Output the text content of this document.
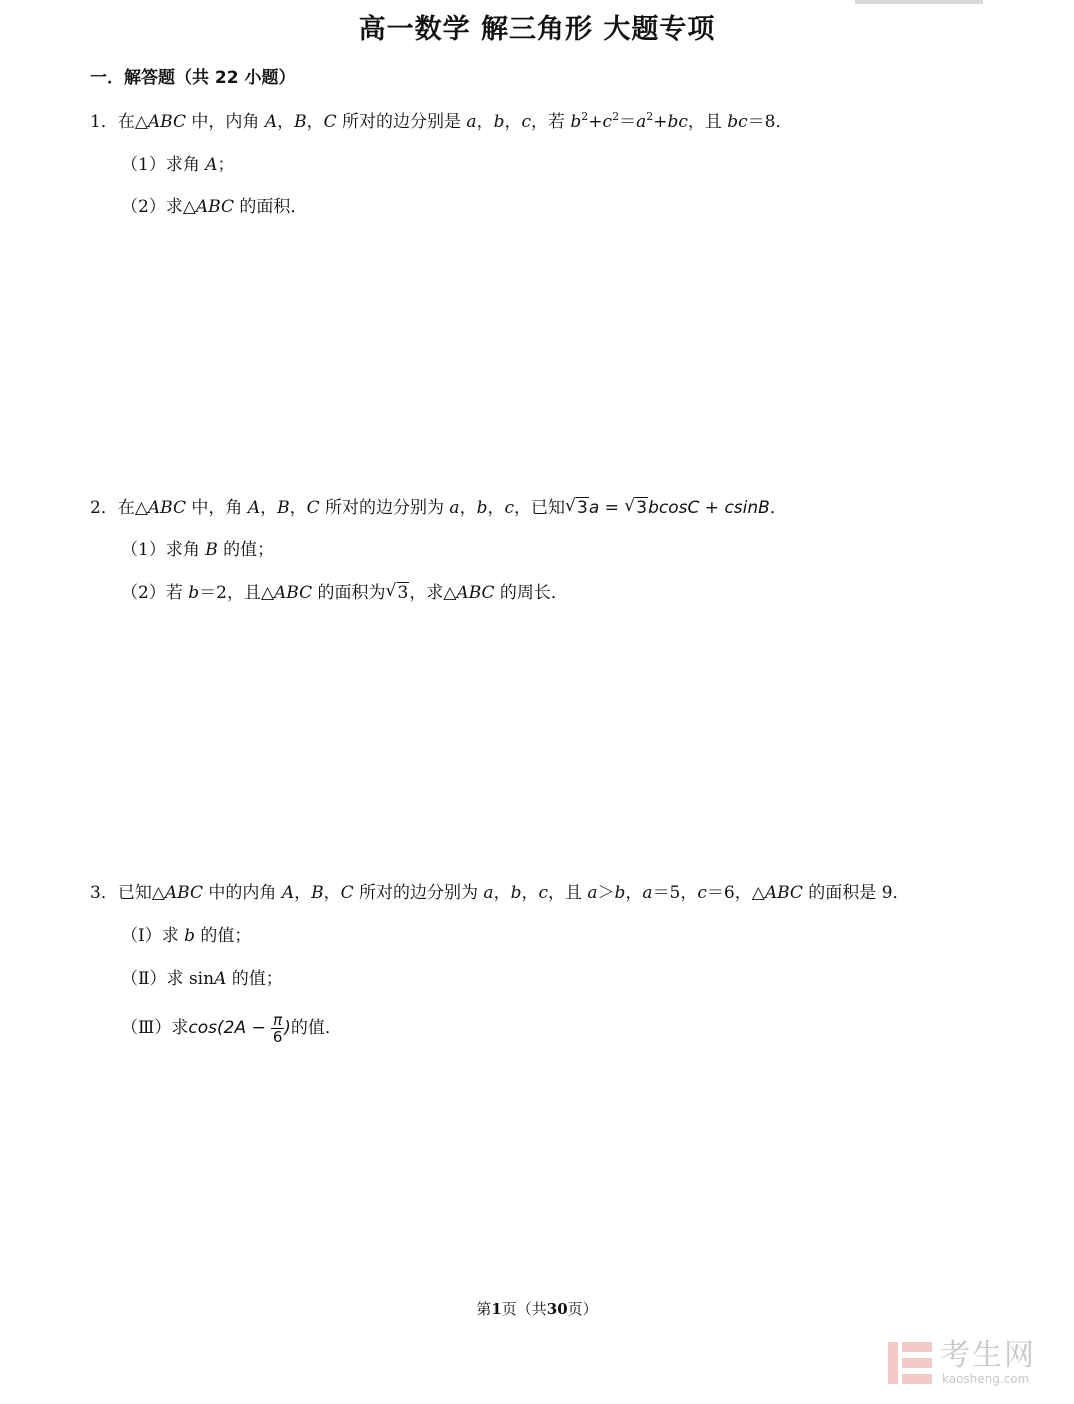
高一数学 解三角形 大题专项
一．解答题（共 22 小题）
1．在△ABC 中，内角 A，B，C 所对的边分别是 a，b，c，若 $b^2+c^2=a^2+bc$，且 bc＝8．
（1）求角 A；
（2）求△ABC 的面积．
2．在△ABC 中，角 A，B，C 所对的边分别为 a，b，c，已知 √ 3a = √ 3bcosC + csinB．
（1）求角 B 的值；
（2）若 b＝2，且△ABC 的面积为 √ 3，求△ABC 的周长．
3．已知△ABC 中的内角 A，B，C 所对的边分别为 a，b，c，且 a＞b，a＝5，c＝6，△ABC 的面积是 9．
（Ⅰ）求 b 的值；
（Ⅱ）求 sinA 的值；
（Ⅲ）求$\cos(2A - \frac{\pi}{6}$ )的值．
第1页（共30页）
考生网
kaosheng.com
